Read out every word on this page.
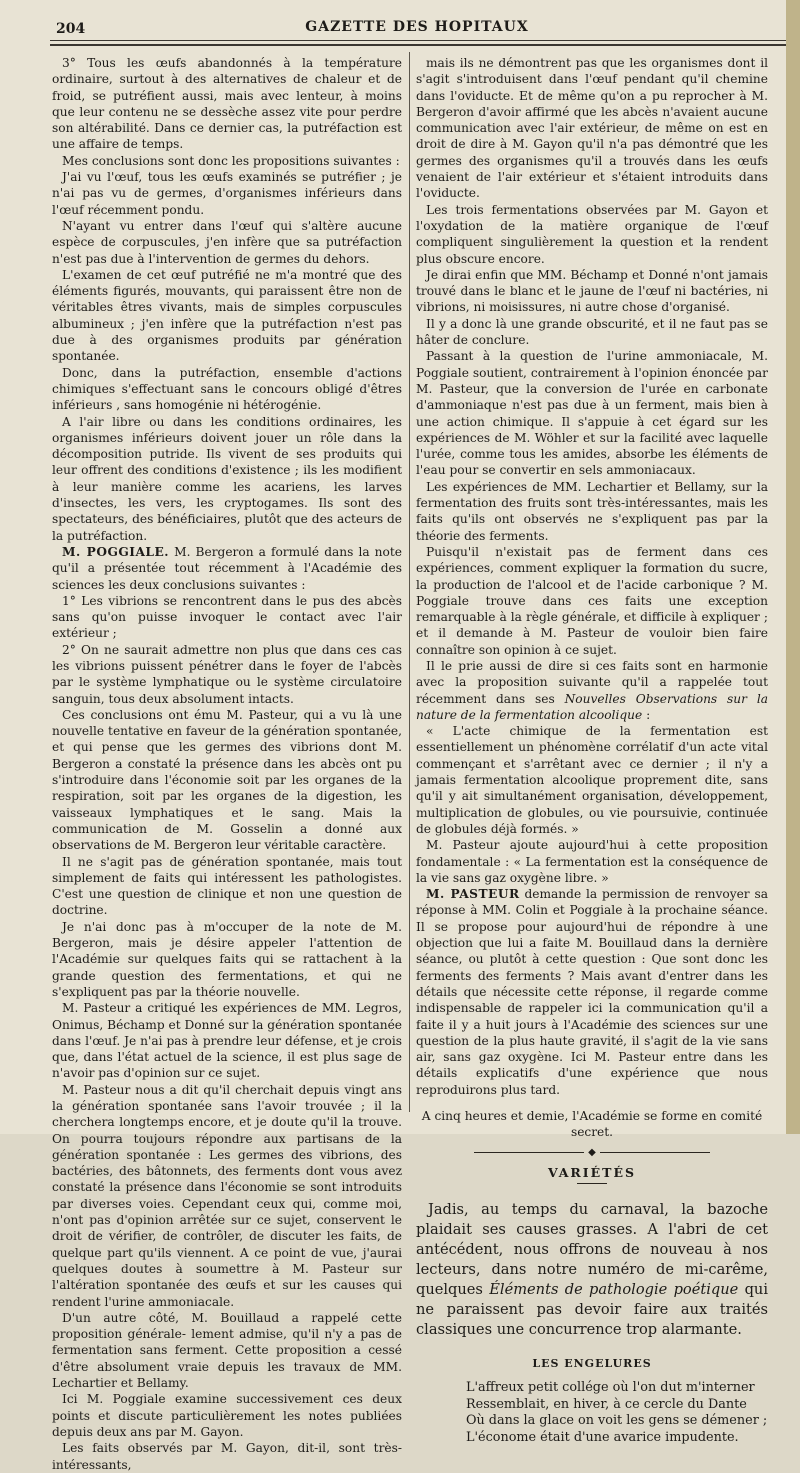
204	GAZETTE DES HOPITAUX

3° Tous les œufs abandonnés à la température ordinaire, surtout à des alternatives de chaleur et de froid, se putréfient aussi, mais avec lenteur, à moins que leur contenu ne se dessèche assez vite pour perdre son altérabilité. Dans ce dernier cas, la putréfaction est une affaire de temps.

Mes conclusions sont donc les propositions suivantes :

J'ai vu l'œuf, tous les œufs examinés se putréfier ; je n'ai pas vu de germes, d'organismes inférieurs dans l'œuf récemment pondu.

N'ayant vu entrer dans l'œuf qui s'altère aucune espèce de corpuscules, j'en infère que sa putréfaction n'est pas due à l'intervention de germes du dehors.

L'examen de cet œuf putréfié ne m'a montré que des éléments figurés, mouvants, qui paraissent être non de véritables êtres vivants, mais de simples corpuscules albumineux ; j'en infère que la putréfaction n'est pas due à des organismes produits par génération spontanée.

Donc, dans la putréfaction, ensemble d'actions chimiques s'effectuant sans le concours obligé d'êtres inférieurs , sans homogénie ni hétérogénie.

A l'air libre ou dans les conditions ordinaires, les organismes inférieurs doivent jouer un rôle dans la décomposition putride. Ils vivent de ses produits qui leur offrent des conditions d'existence ; ils les modifient à leur manière comme les acariens, les larves d'insectes, les vers, les cryptogames. Ils sont des spectateurs, des bénéficiaires, plutôt que des acteurs de la putréfaction.

M. POGGIALE. M. Bergeron a formulé dans la note qu'il a présentée tout récemment à l'Académie des sciences les deux conclusions suivantes :

1° Les vibrions se rencontrent dans le pus des abcès sans qu'on puisse invoquer le contact avec l'air extérieur ;

2° On ne saurait admettre non plus que dans ces cas les vibrions puissent pénétrer dans le foyer de l'abcès par le système lymphatique ou le système circulatoire sanguin, tous deux absolument intacts.

Ces conclusions ont ému M. Pasteur, qui a vu là une nouvelle tentative en faveur de la génération spontanée, et qui pense que les germes des vibrions dont M. Bergeron a constaté la présence dans les abcès ont pu s'introduire dans l'économie soit par les organes de la respiration, soit par les organes de la digestion, les vaisseaux lymphatiques et le sang. Mais la communication de M. Gosselin a donné aux observations de M. Bergeron leur véritable caractère.

Il ne s'agit pas de génération spontanée, mais tout simplement de faits qui intéressent les pathologistes. C'est une question de clinique et non une question de doctrine.

Je n'ai donc pas à m'occuper de la note de M. Bergeron, mais je désire appeler l'attention de l'Académie sur quelques faits qui se rattachent à la grande question des fermentations, et qui ne s'expliquent pas par la théorie nouvelle.

M. Pasteur a critiqué les expériences de MM. Legros, Onimus, Béchamp et Donné sur la génération spontanée dans l'œuf. Je n'ai pas à prendre leur défense, et je crois que, dans l'état actuel de la science, il est plus sage de n'avoir pas d'opinion sur ce sujet.

M. Pasteur nous a dit qu'il cherchait depuis vingt ans la génération spontanée sans l'avoir trouvée ; il la cherchera longtemps encore, et je doute qu'il la trouve. On pourra toujours répondre aux partisans de la génération spontanée : Les germes des vibrions, des bactéries, des bâtonnets, des ferments dont vous avez constaté la présence dans l'économie se sont introduits par diverses voies. Cependant ceux qui, comme moi, n'ont pas d'opinion arrêtée sur ce sujet, conservent le droit de vérifier, de contrôler, de discuter les faits, de quelque part qu'ils viennent. A ce point de vue, j'aurai quelques doutes à soumettre à M. Pasteur sur l'altération spontanée des œufs et sur les causes qui rendent l'urine ammoniacale.

D'un autre côté, M. Bouillaud a rappelé cette proposition générale- lement admise, qu'il n'y a pas de fermentation sans ferment. Cette proposition a cessé d'être absolument vraie depuis les travaux de MM. Lechartier et Bellamy.

Ici M. Poggiale examine successivement ces deux points et discute particulièrement les notes publiées depuis deux ans par M. Gayon.

Les faits observés par M. Gayon, dit-il, sont très-intéressants,

mais ils ne démontrent pas que les organismes dont il s'agit s'introduisent dans l'œuf pendant qu'il chemine dans l'oviducte. Et de même qu'on a pu reprocher à M. Bergeron d'avoir affirmé que les abcès n'avaient aucune communication avec l'air extérieur, de même on est en droit de dire à M. Gayon qu'il n'a pas démontré que les germes des organismes qu'il a trouvés dans les œufs venaient de l'air extérieur et s'étaient introduits dans l'oviducte.

Les trois fermentations observées par M. Gayon et l'oxydation de la matière organique de l'œuf compliquent singulièrement la question et la rendent plus obscure encore.

Je dirai enfin que MM. Béchamp et Donné n'ont jamais trouvé dans le blanc et le jaune de l'œuf ni bactéries, ni vibrions, ni moisissures, ni autre chose d'organisé.

Il y a donc là une grande obscurité, et il ne faut pas se hâter de conclure.

Passant à la question de l'urine ammoniacale, M. Poggiale soutient, contrairement à l'opinion énoncée par M. Pasteur, que la conversion de l'urée en carbonate d'ammoniaque n'est pas due à un ferment, mais bien à une action chimique. Il s'appuie à cet égard sur les expériences de M. Wöhler et sur la facilité avec laquelle l'urée, comme tous les amides, absorbe les éléments de l'eau pour se convertir en sels ammoniacaux.

Les expériences de MM. Lechartier et Bellamy, sur la fermentation des fruits sont très-intéressantes, mais les faits qu'ils ont observés ne s'expliquent pas par la théorie des ferments.

Puisqu'il n'existait pas de ferment dans ces expériences, comment expliquer la formation du sucre, la production de l'alcool et de l'acide carbonique ? M. Poggiale trouve dans ces faits une exception remarquable à la règle générale, et difficile à expliquer ; et il demande à M. Pasteur de vouloir bien faire connaître son opinion à ce sujet.

Il le prie aussi de dire si ces faits sont en harmonie avec la proposition suivante qu'il a rappelée tout récemment dans ses Nouvelles Observations sur la nature de la fermentation alcoolique :

« L'acte chimique de la fermentation est essentiellement un phénomène corrélatif d'un acte vital commençant et s'arrêtant avec ce dernier ; il n'y a jamais fermentation alcoolique proprement dite, sans qu'il y ait simultanément organisation, développement, multiplication de globules, ou vie poursuivie, continuée de globules déjà formés. »

M. Pasteur ajoute aujourd'hui à cette proposition fondamentale : « La fermentation est la conséquence de la vie sans gaz oxygène libre. »

M. PASTEUR demande la permission de renvoyer sa réponse à MM. Colin et Poggiale à la prochaine séance. Il se propose pour aujourd'hui de répondre à une objection que lui a faite M. Bouillaud dans la dernière séance, ou plutôt à cette question : Que sont donc les ferments des ferments ? Mais avant d'entrer dans les détails que nécessite cette réponse, il regarde comme indispensable de rappeler ici la communication qu'il a faite il y a huit jours à l'Académie des sciences sur une question de la plus haute gravité, il s'agit de la vie sans air, sans gaz oxygène. Ici M. Pasteur entre dans les détails explicatifs d'une expérience que nous reproduirons plus tard.

A cinq heures et demie, l'Académie se forme en comité secret.

◆
VARIÉTÉS

Jadis, au temps du carnaval, la bazoche plaidait ses causes grasses. A l'abri de cet antécédent, nous offrons de nouveau à nos lecteurs, dans notre numéro de mi-carême, quelques Éléments de pathologie poétique qui ne paraissent pas devoir faire aux traités classiques une concurrence trop alarmante.

LES ENGELURES
L'affreux petit collége où l'on dut m'interner
Ressemblait, en hiver, à ce cercle du Dante
Où dans la glace on voit les gens se démener ;
L'économe était d'une avarice impudente.
